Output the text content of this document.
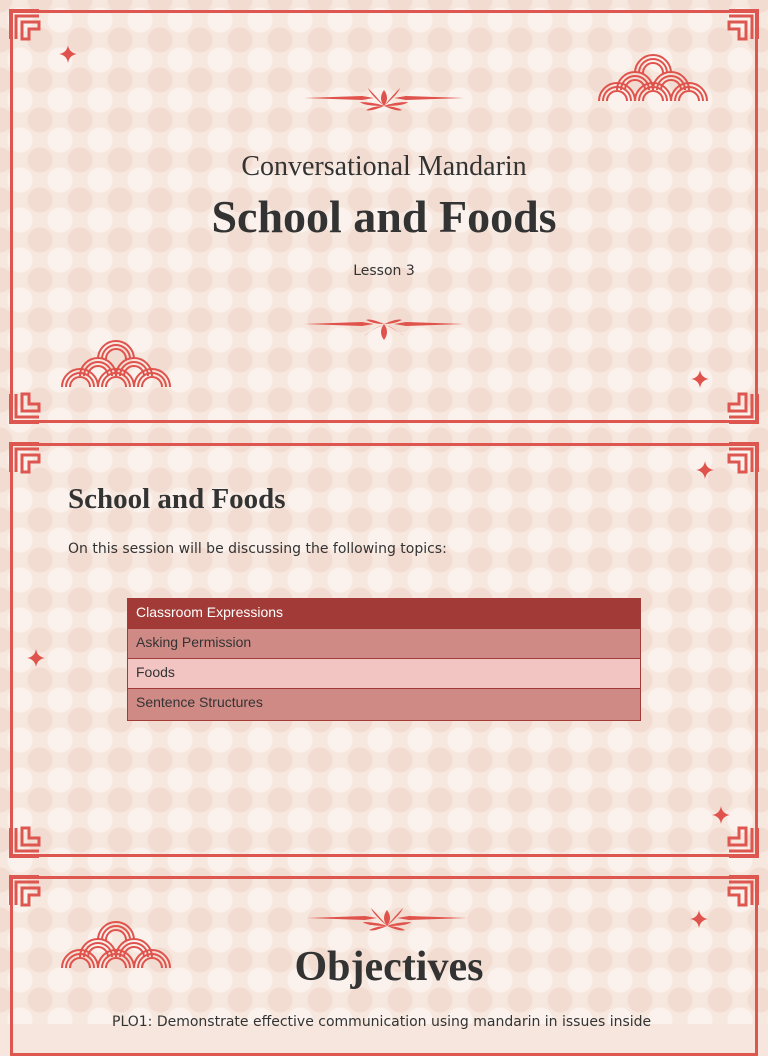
Conversational Mandarin
School and Foods
Lesson 3
School and Foods
On this session will be discussing the following topics:
Classroom Expressions
Asking Permission
Foods
Sentence Structures
Objectives
PLO1: Demonstrate effective communication using mandarin in issues inside
